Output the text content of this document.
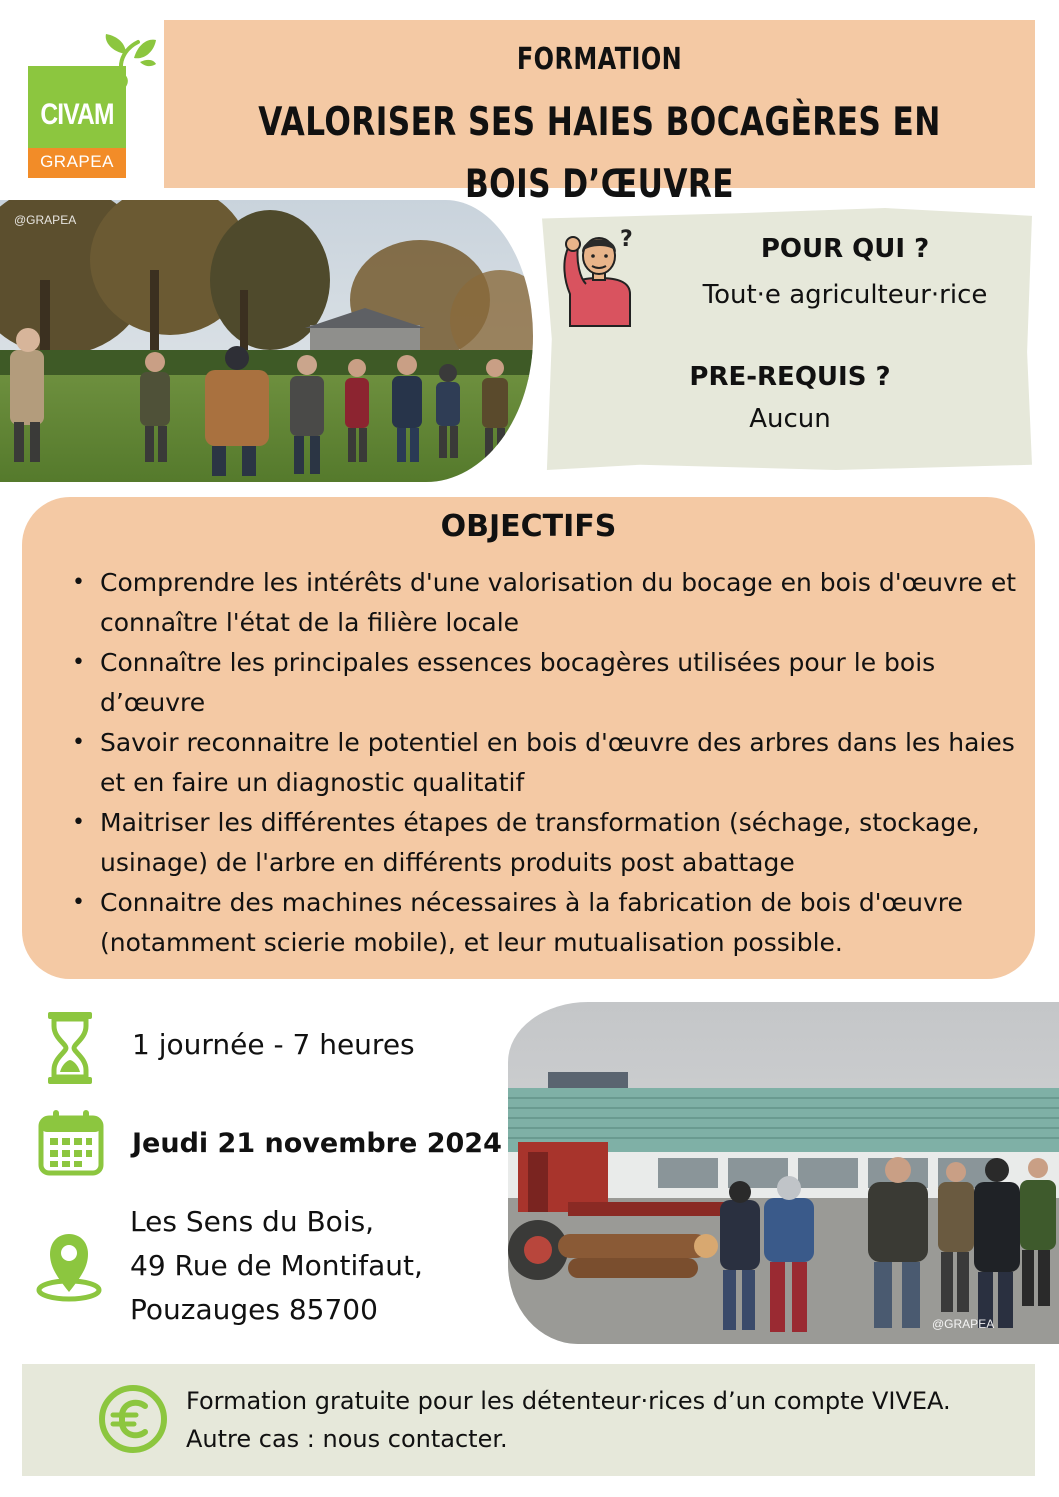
CIVAM
GRAPEA
FORMATION
VALORISER SES HAIES BOCAGÈRES EN
BOIS D’ŒUVRE
@GRAPEA
?	POUR QUI ?
Tout·e agriculteur·rice
PRE-REQUIS ?
Aucun
OBJECTIFS
• Comprendre les intérêts d'une valorisation du bocage en bois d'œuvre et connaître l'état de la filière locale
• Connaître les principales essences bocagères utilisées pour le bois d’œuvre
• Savoir reconnaitre le potentiel en bois d'œuvre des arbres dans les haies et en faire un diagnostic qualitatif
• Maitriser les différentes étapes de transformation (séchage, stockage, usinage) de l'arbre en différents produits post abattage
• Connaitre des machines nécessaires à la fabrication de bois d'œuvre (notamment scierie mobile), et leur mutualisation possible.
1 journée - 7 heures
Jeudi 21 novembre 2024
Les Sens du Bois,
49 Rue de Montifaut,
Pouzauges 85700	@GRAPEA
Formation gratuite pour les détenteur·rices d’un compte VIVEA.
Autre cas : nous contacter.
